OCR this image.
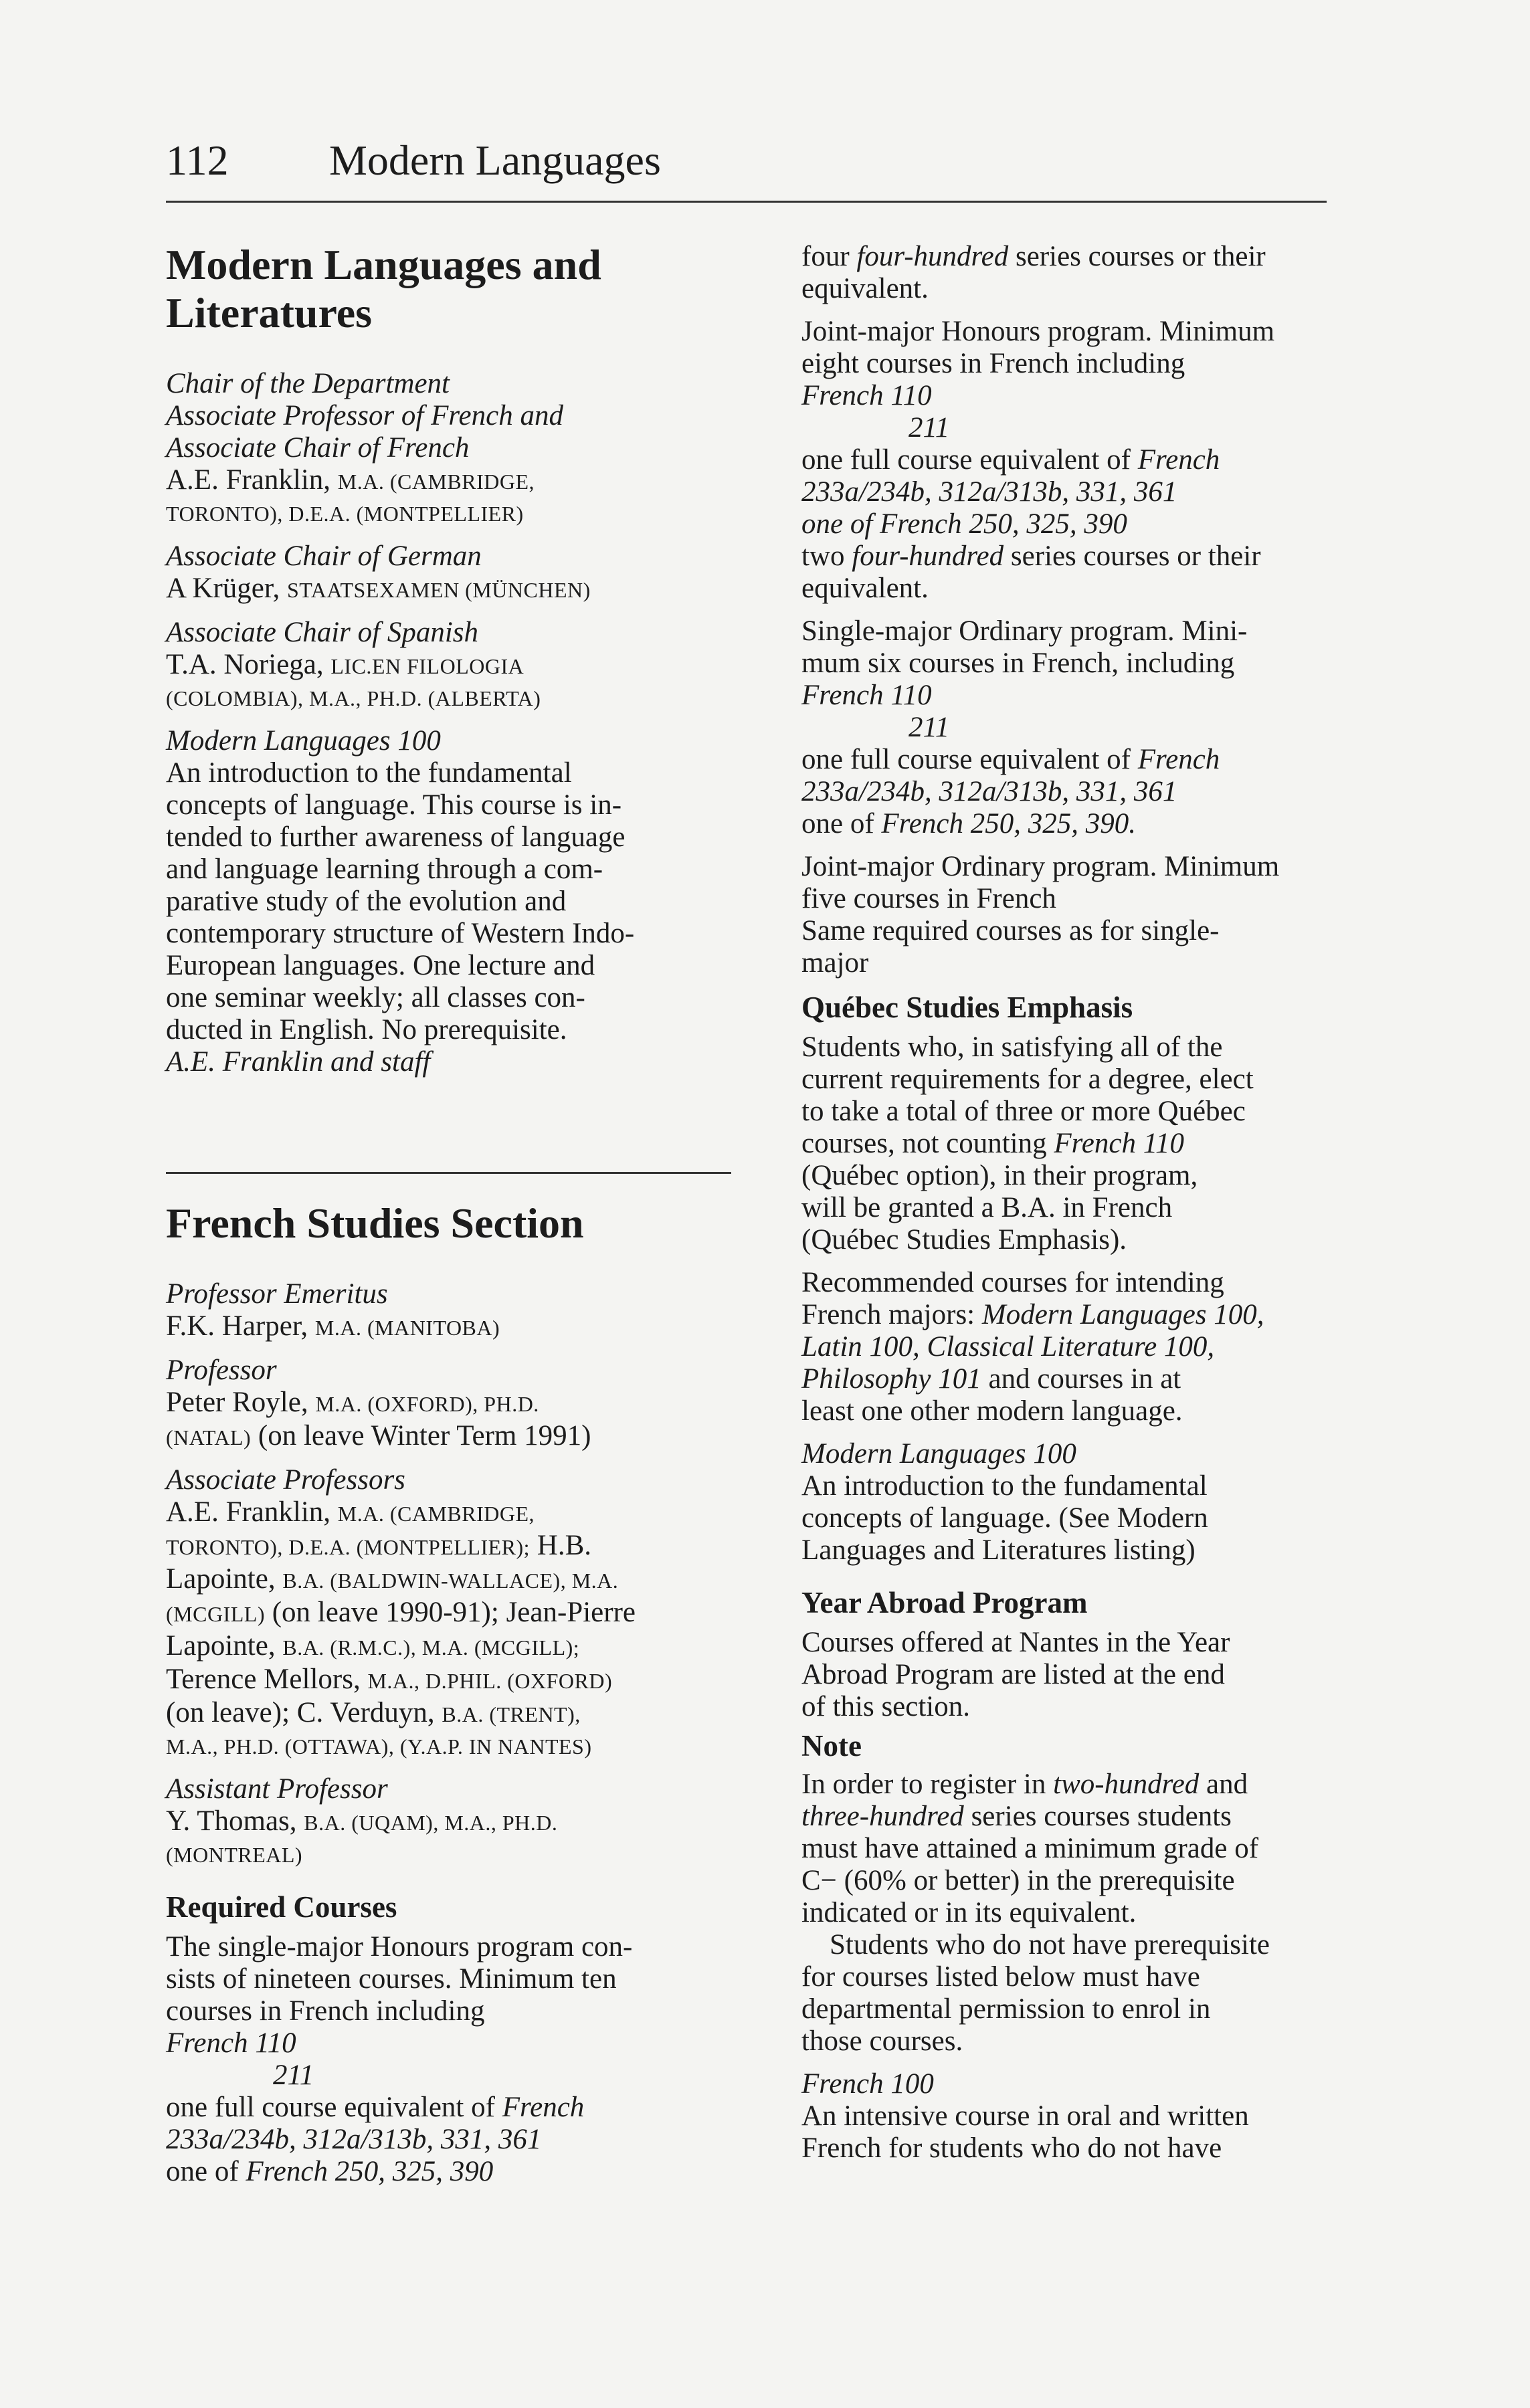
112 Modern Languages
Modern Languages and
Literatures

Chair of the Department

Associate Professor of French and

Associate Chair of French

A.E. Franklin, M.A. (CAMBRIDGE,

TORONTO), D.E.A. (MONTPELLIER)

Associate Chair of German

A Krüger, STAATSEXAMEN (MÜNCHEN)

Associate Chair of Spanish

T.A. Noriega, LIC.EN FILOLOGIA

(COLOMBIA), M.A., PH.D. (ALBERTA)

Modern Languages 100

An introduction to the fundamental

concepts of language. This course is in-

tended to further awareness of language

and language learning through a com-

parative study of the evolution and

contemporary structure of Western Indo-

European languages. One lecture and

one seminar weekly; all classes con-

ducted in English. No prerequisite.

A.E. Franklin and staff

French Studies Section

Professor Emeritus

F.K. Harper, M.A. (MANITOBA)

Professor

Peter Royle, M.A. (OXFORD), PH.D.

(NATAL) (on leave Winter Term 1991)

Associate Professors

A.E. Franklin, M.A. (CAMBRIDGE,

TORONTO), D.E.A. (MONTPELLIER); H.B.

Lapointe, B.A. (BALDWIN-WALLACE), M.A.

(MCGILL) (on leave 1990-91); Jean-Pierre

Lapointe, B.A. (R.M.C.), M.A. (MCGILL);

Terence Mellors, M.A., D.PHIL. (OXFORD)

(on leave); C. Verduyn, B.A. (TRENT),

M.A., PH.D. (OTTAWA), (Y.A.P. IN NANTES)

Assistant Professor

Y. Thomas, B.A. (UQAM), M.A., PH.D.

(MONTREAL)

Required Courses

The single-major Honours program con-

sists of nineteen courses. Minimum ten

courses in French including

French 110

211

one full course equivalent of French

233a/234b, 312a/313b, 331, 361

one of French 250, 325, 390

four four-hundred series courses or their

equivalent.

Joint-major Honours program. Minimum

eight courses in French including

French 110

211

one full course equivalent of French

233a/234b, 312a/313b, 331, 361

one of French 250, 325, 390

two four-hundred series courses or their

equivalent.

Single-major Ordinary program. Mini-

mum six courses in French, including

French 110

211

one full course equivalent of French

233a/234b, 312a/313b, 331, 361

one of French 250, 325, 390.

Joint-major Ordinary program. Minimum

five courses in French

Same required courses as for single-

major

Québec Studies Emphasis

Students who, in satisfying all of the

current requirements for a degree, elect

to take a total of three or more Québec

courses, not counting French 110

(Québec option), in their program,

will be granted a B.A. in French

(Québec Studies Emphasis).

Recommended courses for intending

French majors: Modern Languages 100,

Latin 100, Classical Literature 100,

Philosophy 101 and courses in at

least one other modern language.

Modern Languages 100

An introduction to the fundamental

concepts of language. (See Modern

Languages and Literatures listing)

Year Abroad Program

Courses offered at Nantes in the Year

Abroad Program are listed at the end

of this section.

Note

In order to register in two-hundred and

three-hundred series courses students

must have attained a minimum grade of

C− (60% or better) in the prerequisite

indicated or in its equivalent.

Students who do not have prerequisite

for courses listed below must have

departmental permission to enrol in

those courses.

French 100

An intensive course in oral and written

French for students who do not have
